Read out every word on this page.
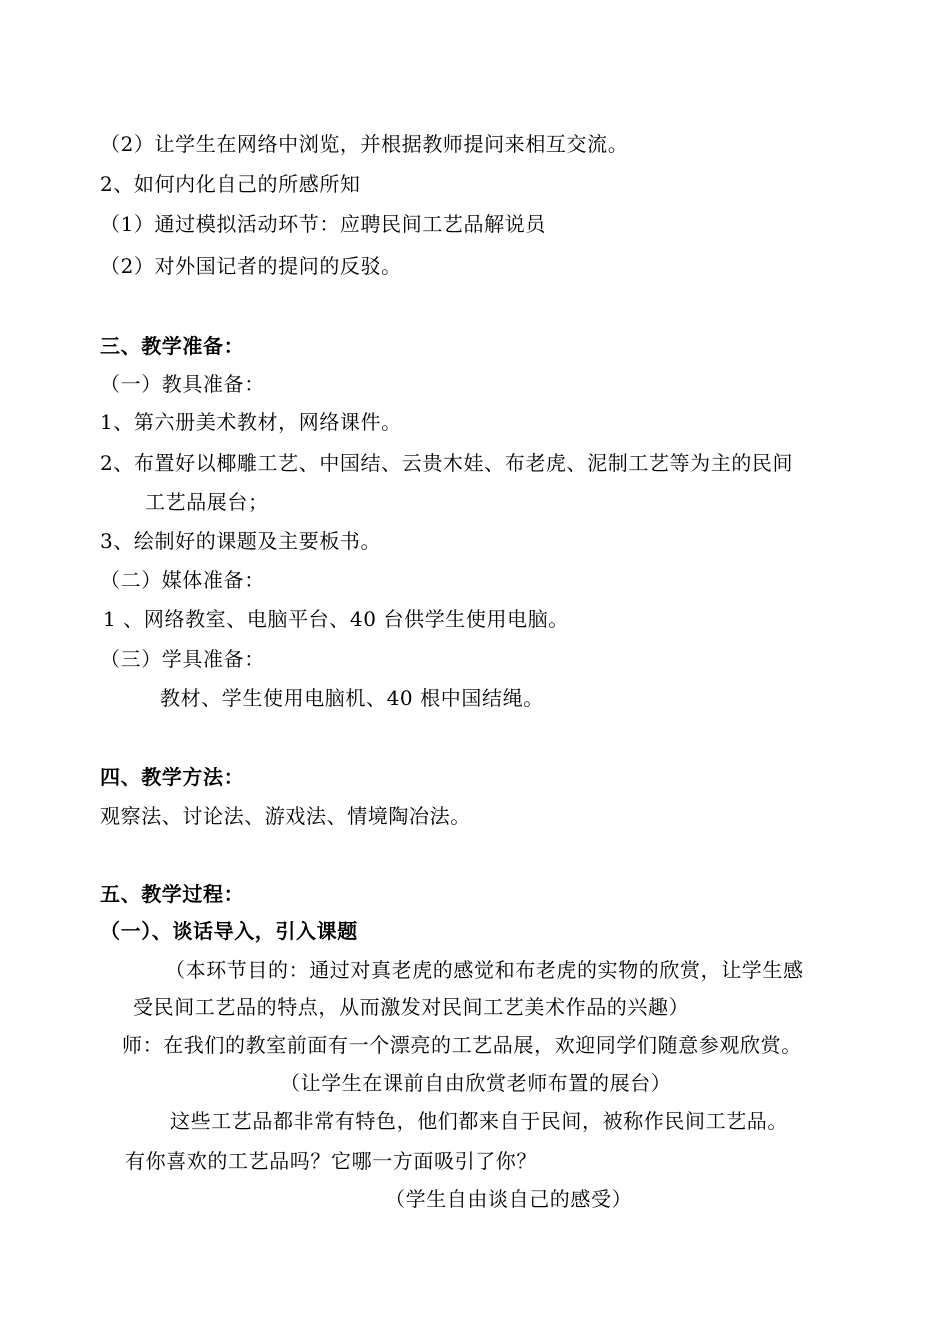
（2）让学生在网络中浏览，并根据教师提问来相互交流。
2、如何内化自己的所感所知
（1）通过模拟活动环节：应聘民间工艺品解说员
（2）对外国记者的提问的反驳。
三、教学准备：
（一）教具准备：
1、第六册美术教材，网络课件。
2、布置好以椰雕工艺、中国结、云贵木娃、布老虎、泥制工艺等为主的民间
工艺品展台；
3、绘制好的课题及主要板书。
（二）媒体准备：
1 、网络教室、电脑平台、40 台供学生使用电脑。
（三）学具准备：
教材、学生使用电脑机、40 根中国结绳。
四、教学方法：
观察法、讨论法、游戏法、情境陶冶法。
五、教学过程：
（一）、谈话导入，引入课题
（本环节目的：通过对真老虎的感觉和布老虎的实物的欣赏，让学生感
受民间工艺品的特点，从而激发对民间工艺美术作品的兴趣）
师：在我们的教室前面有一个漂亮的工艺品展，欢迎同学们随意参观欣赏。
（让学生在课前自由欣赏老师布置的展台）
这些工艺品都非常有特色，他们都来自于民间，被称作民间工艺品。
有你喜欢的工艺品吗？它哪一方面吸引了你？
（学生自由谈自己的感受）
